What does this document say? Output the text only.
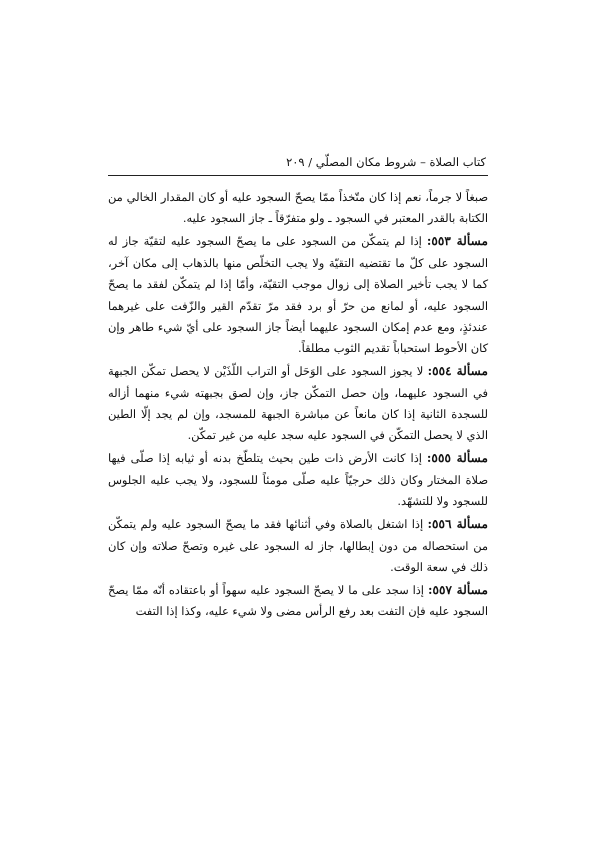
كتاب الصلاة – شروط مكان المصلّي / ٢٠٩

صبغاً لا جرماً، نعم إذا كان متّخذاً ممّا يصحّ السجود عليه أو كان المقدار الخالي من الكتابة بالقدر المعتبر في السجود ـ ولو متفرّقاً ـ جاز السجود عليه.

مسألة ٥٥٣: إذا لم يتمكّن من السجود على ما يصحّ السجود عليه لتقيّة جاز له السجود على كلّ ما تقتضيه التقيّة ولا يجب التخلّص منها بالذهاب إلى مكان آخر، كما لا يجب تأخير الصلاة إلى زوال موجب التقيّة، وأمّا إذا لم يتمكّن لفقد ما يصحّ السجود عليه، أو لمانع من حرّ أو برد فقد مرّ تقدّم القير والزّفت على غيرهما عندئذٍ، ومع عدم إمكان السجود عليهما أيضاً جاز السجود على أيّ شيء طاهر وإن كان الأحوط استحباباً تقديم الثوب مطلقاً.

مسألة ٥٥٤: لا يجوز السجود على الوَحَل أو التراب اللّذَيْن لا يحصل تمكّن الجبهة في السجود عليهما، وإن حصل التمكّن جاز، وإن لصق بجبهته شيء منهما أزاله للسجدة الثانية إذا كان مانعاً عن مباشرة الجبهة للمسجد، وإن لم يجد إلّا الطين الذي لا يحصل التمكّن في السجود عليه سجد عليه من غير تمكّن.

مسألة ٥٥٥: إذا كانت الأرض ذات طين بحيث يتلطّخ بدنه أو ثيابه إذا صلّى فيها صلاة المختار وكان ذلك حرجيّاً عليه صلّى مومئاً للسجود، ولا يجب عليه الجلوس للسجود ولا للتشهّد.

مسألة ٥٥٦: إذا اشتغل بالصلاة وفي أثنائها فقد ما يصحّ السجود عليه ولم يتمكّن من استحصاله من دون إبطالها، جاز له السجود على غيره وتصحّ صلاته وإن كان ذلك في سعة الوقت.

مسألة ٥٥٧: إذا سجد على ما لا يصحّ السجود عليه سهواً أو باعتقاده أنّه ممّا يصحّ السجود عليه فإن التفت بعد رفع الرأس مضى ولا شيء عليه، وكذا إذا التفت
